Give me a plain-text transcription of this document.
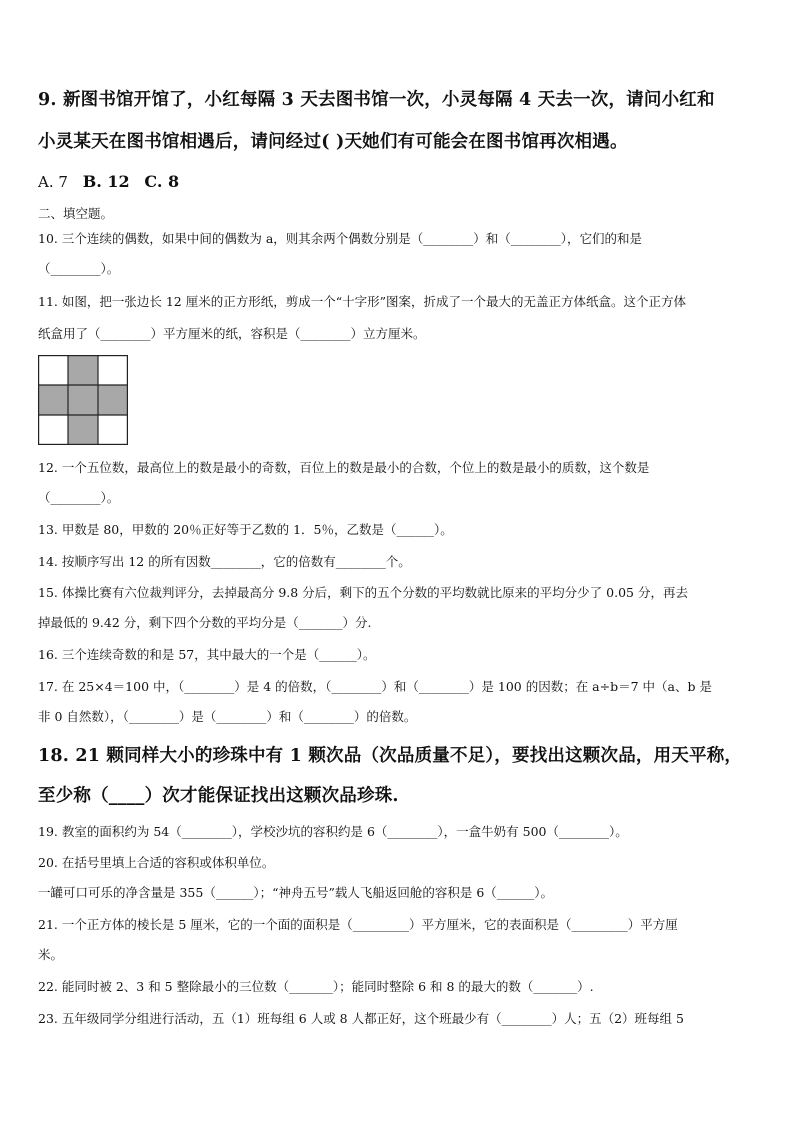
9. 新图书馆开馆了，小红每隔 3 天去图书馆一次，小灵每隔 4 天去一次，请问小红和
小灵某天在图书馆相遇后，请问经过( )天她们有可能会在图书馆再次相遇。
A. 7 B. 12 C. 8
二、填空题。
10. 三个连续的偶数，如果中间的偶数为 a，则其余两个偶数分别是（________）和（________），它们的和是
（________）。
11. 如图，把一张边长 12 厘米的正方形纸，剪成一个“十字形”图案，折成了一个最大的无盖正方体纸盒。这个正方体
纸盒用了（________）平方厘米的纸，容积是（________）立方厘米。
12. 一个五位数，最高位上的数是最小的奇数，百位上的数是最小的合数，个位上的数是最小的质数，这个数是
（________）。
13. 甲数是 80，甲数的 20％正好等于乙数的 1．5％，乙数是（______）。
14. 按顺序写出 12 的所有因数________，它的倍数有________个。
15. 体操比赛有六位裁判评分，去掉最高分 9.8 分后，剩下的五个分数的平均数就比原来的平均分少了 0.05 分，再去
掉最低的 9.42 分，剩下四个分数的平均分是（_______）分.
16. 三个连续奇数的和是 57，其中最大的一个是（______）。
17. 在 25×4＝100 中，（________）是 4 的倍数，（________）和（________）是 100 的因数；在 a÷b＝7 中（a、b 是
非 0 自然数），（________）是（________）和（________）的倍数。
18. 21 颗同样大小的珍珠中有 1 颗次品（次品质量不足），要找出这颗次品，用天平称，
至少称（____）次才能保证找出这颗次品珍珠.
19. 教室的面积约为 54（________），学校沙坑的容积约是 6（________），一盒牛奶有 500（________）。
20. 在括号里填上合适的容积或体积单位。
一罐可口可乐的净含量是 355（______）；“神舟五号”载人飞船返回舱的容积是 6（______）。
21. 一个正方体的棱长是 5 厘米，它的一个面的面积是（_________）平方厘米，它的表面积是（_________）平方厘
米。
22. 能同时被 2、3 和 5 整除最小的三位数（_______）；能同时整除 6 和 8 的最大的数（_______）.
23. 五年级同学分组进行活动，五（1）班每组 6 人或 8 人都正好，这个班最少有（________）人；五（2）班每组 5
